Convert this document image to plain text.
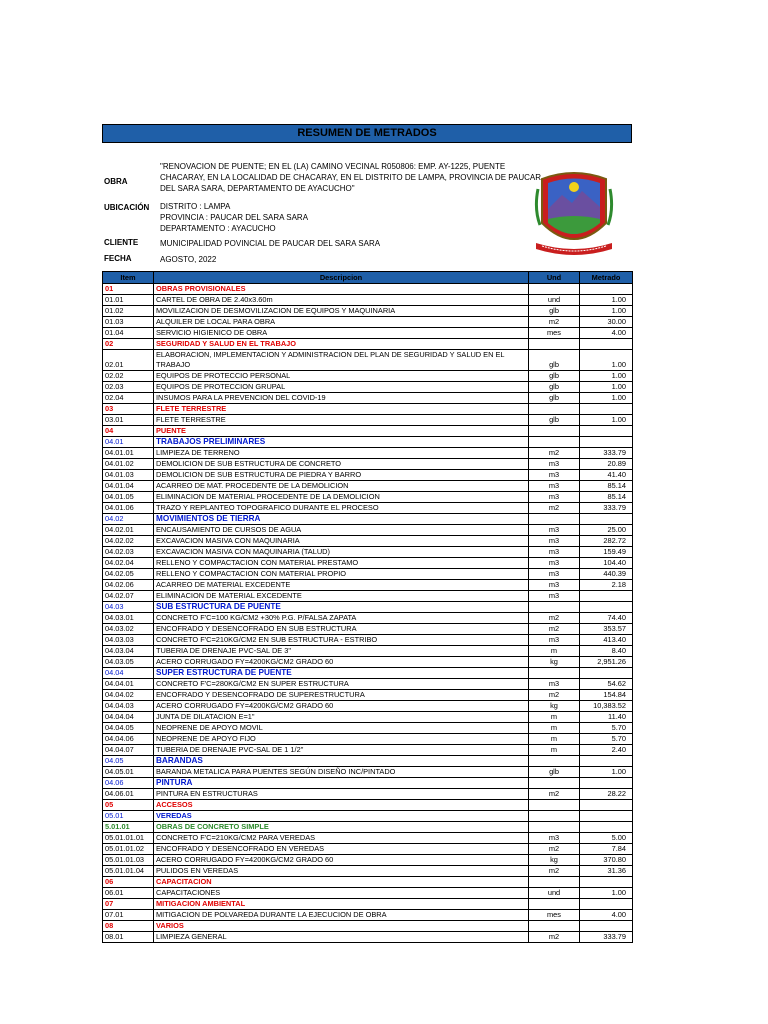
RESUMEN DE METRADOS
OBRA
"RENOVACION DE PUENTE; EN EL (LA) CAMINO VECINAL R050806: EMP. AY-1225, PUENTE
CHACARAY, EN LA LOCALIDAD DE CHACARAY, EN EL DISTRITO DE LAMPA, PROVINCIA DE PAUCAR
DEL SARA SARA, DEPARTAMENTO DE AYACUCHO"
UBICACIÓN DISTRITO : LAMPA
PROVINCIA : PAUCAR DEL SARA SARA
DEPARTAMENTO : AYACUCHO
CLIENTE	MUNICIPALIDAD POVINCIAL DE PAUCAR DEL SARA SARA
FECHA	AGOSTO, 2022
Item	Descripcion	Und	Metrado
01	OBRAS PROVISIONALES		
01.01	CARTEL DE OBRA DE 2.40x3.60m	und	1.00
01.02	MOVILIZACION DE DESMOVILIZACION DE EQUIPOS Y MAQUINARIA	glb	1.00
01.03	ALQUILER DE LOCAL PARA OBRA	m2	30.00
01.04	SERVICIO HIGIENICO DE OBRA	mes	4.00
02	SEGURIDAD Y SALUD EN EL TRABAJO		
02.01	ELABORACION, IMPLEMENTACION Y ADMINISTRACION DEL PLAN DE SEGURIDAD Y SALUD EN EL TRABAJO	glb	1.00
02.02	EQUIPOS DE PROTECCIO PERSONAL	glb	1.00
02.03	EQUIPOS DE PROTECCION GRUPAL	glb	1.00
02.04	INSUMOS PARA LA PREVENCION DEL COVID-19	glb	1.00
03	FLETE TERRESTRE		
03.01	FLETE TERRESTRE	glb	1.00
04	PUENTE		
04.01	TRABAJOS PRELIMINARES		
04.01.01	LIMPIEZA DE TERRENO	m2	333.79
04.01.02	DEMOLICION DE SUB ESTRUCTURA DE CONCRETO	m3	20.89
04.01.03	DEMOLICION DE SUB ESTRUCTURA DE PIEDRA Y BARRO	m3	41.40
04.01.04	ACARREO DE MAT. PROCEDENTE DE LA DEMOLICION	m3	85.14
04.01.05	ELIMINACION DE MATERIAL PROCEDENTE DE LA DEMOLICION	m3	85.14
04.01.06	TRAZO Y REPLANTEO TOPOGRAFICO DURANTE EL PROCESO	m2	333.79
04.02	MOVIMIENTOS DE TIERRA		
04.02.01	ENCAUSAMIENTO DE CURSOS DE AGUA	m3	25.00
04.02.02	EXCAVACION MASIVA CON MAQUINARIA	m3	282.72
04.02.03	EXCAVACION MASIVA CON MAQUINARIA (TALUD)	m3	159.49
04.02.04	RELLENO Y COMPACTACION CON MATERIAL PRESTAMO	m3	104.40
04.02.05	RELLENO Y COMPACTACION CON MATERIAL PROPIO	m3	440.39
04.02.06	ACARREO DE MATERIAL EXCEDENTE	m3	2.18
04.02.07	ELIMINACION DE MATERIAL EXCEDENTE	m3	
04.03	SUB ESTRUCTURA DE PUENTE		
04.03.01	CONCRETO F'C=100 KG/CM2 +30% P.G. P/FALSA ZAPATA	m2	74.40
04.03.02	ENCOFRADO Y DESENCOFRADO EN SUB ESTRUCTURA	m2	353.57
04.03.03	CONCRETO F'C=210KG/CM2 EN SUB ESTRUCTURA - ESTRIBO	m3	413.40
04.03.04	TUBERIA DE DRENAJE PVC-SAL DE 3"	m	8.40
04.03.05	ACERO CORRUGADO FY=4200KG/CM2 GRADO 60	kg	2,951.26
04.04	SUPER ESTRUCTURA DE PUENTE		
04.04.01	CONCRETO F'C=280KG/CM2 EN SUPER ESTRUCTURA	m3	54.62
04.04.02	ENCOFRADO Y DESENCOFRADO DE SUPERESTRUCTURA	m2	154.84
04.04.03	ACERO CORRUGADO FY=4200KG/CM2 GRADO 60	kg	10,383.52
04.04.04	JUNTA DE DILATACION E=1"	m	11.40
04.04.05	NEOPRENE DE APOYO MOVIL	m	5.70
04.04.06	NEOPRENE DE APOYO FIJO	m	5.70
04.04.07	TUBERIA DE DRENAJE PVC-SAL DE 1 1/2"	m	2.40
04.05	BARANDAS		
04.05.01	BARANDA METALICA PARA PUENTES SEGÚN DISEÑO INC/PINTADO	glb	1.00
04.06	PINTURA		
04.06.01	PINTURA EN ESTRUCTURAS	m2	28.22
05	ACCESOS		
05.01	VEREDAS		
5.01.01	OBRAS DE CONCRETO SIMPLE		
05.01.01.01	CONCRETO F'C=210KG/CM2 PARA VEREDAS	m3	5.00
05.01.01.02	ENCOFRADO Y DESENCOFRADO EN VEREDAS	m2	7.84
05.01.01.03	ACERO CORRUGADO FY=4200KG/CM2 GRADO 60	kg	370.80
05.01.01.04	PULIDOS EN VEREDAS	m2	31.36
06	CAPACITACION		
06.01	CAPACITACIONES	und	1.00
07	MITIGACION AMBIENTAL		
07.01	MITIGACION DE POLVAREDA DURANTE LA EJECUCION DE OBRA	mes	4.00
08	VARIOS		
08.01	LIMPIEZA GENERAL	m2	333.79
